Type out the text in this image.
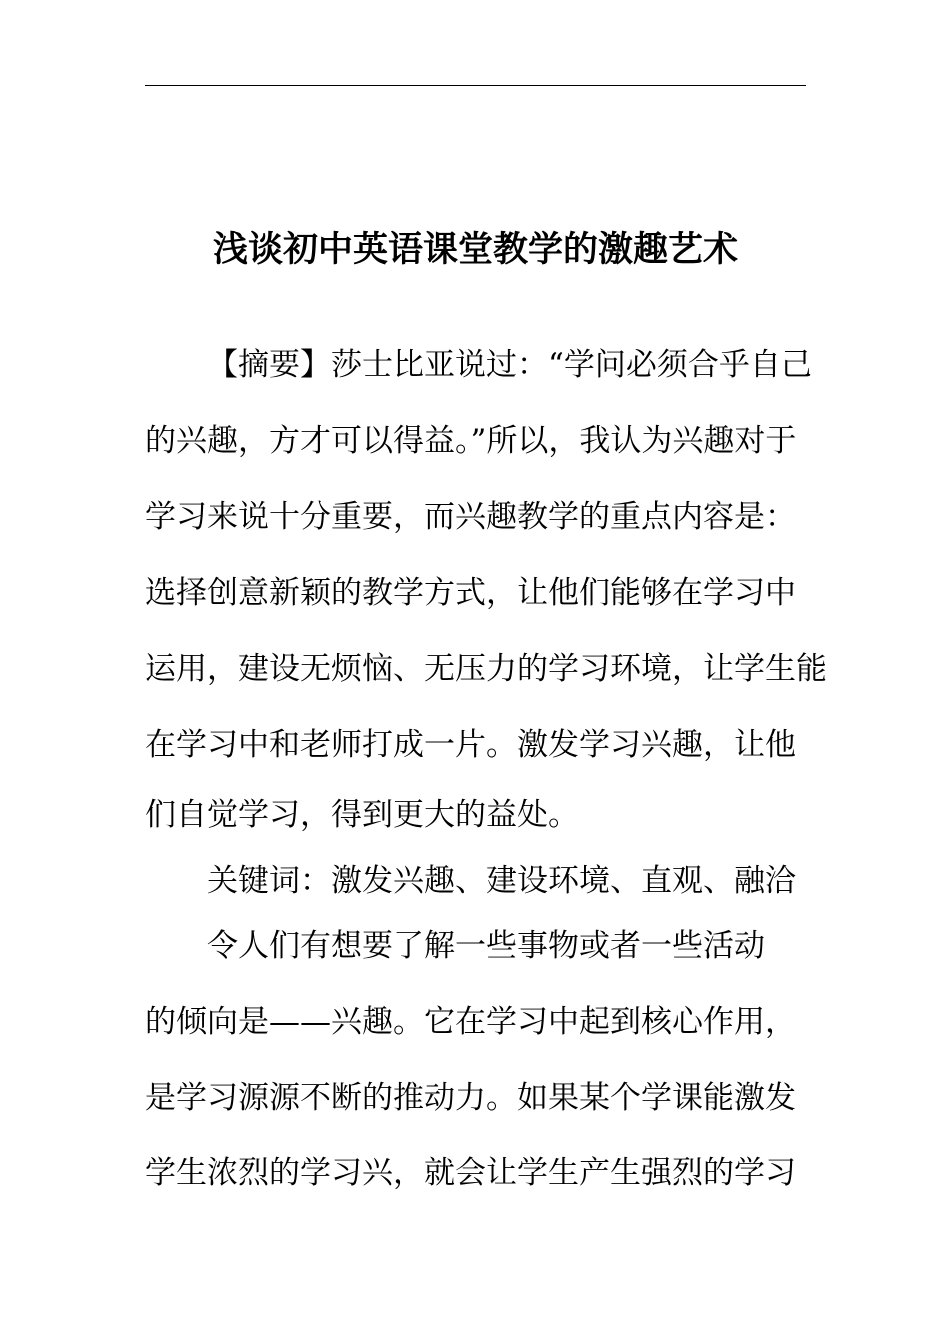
浅谈初中英语课堂教学的激趣艺术
【摘要】莎士比亚说过：“学问必须合乎自己
的兴趣，方才可以得益。”所以，我认为兴趣对于
学习来说十分重要，而兴趣教学的重点内容是：
选择创意新颖的教学方式，让他们能够在学习中
运用，建设无烦恼、无压力的学习环境，让学生能
在学习中和老师打成一片。激发学习兴趣，让他
们自觉学习，得到更大的益处。
关键词：激发兴趣、建设环境、直观、融洽
令人们有想要了解一些事物或者一些活动
的倾向是——兴趣。它在学习中起到核心作用，
是学习源源不断的推动力。如果某个学课能激发
学生浓烈的学习兴，就会让学生产生强烈的学习
